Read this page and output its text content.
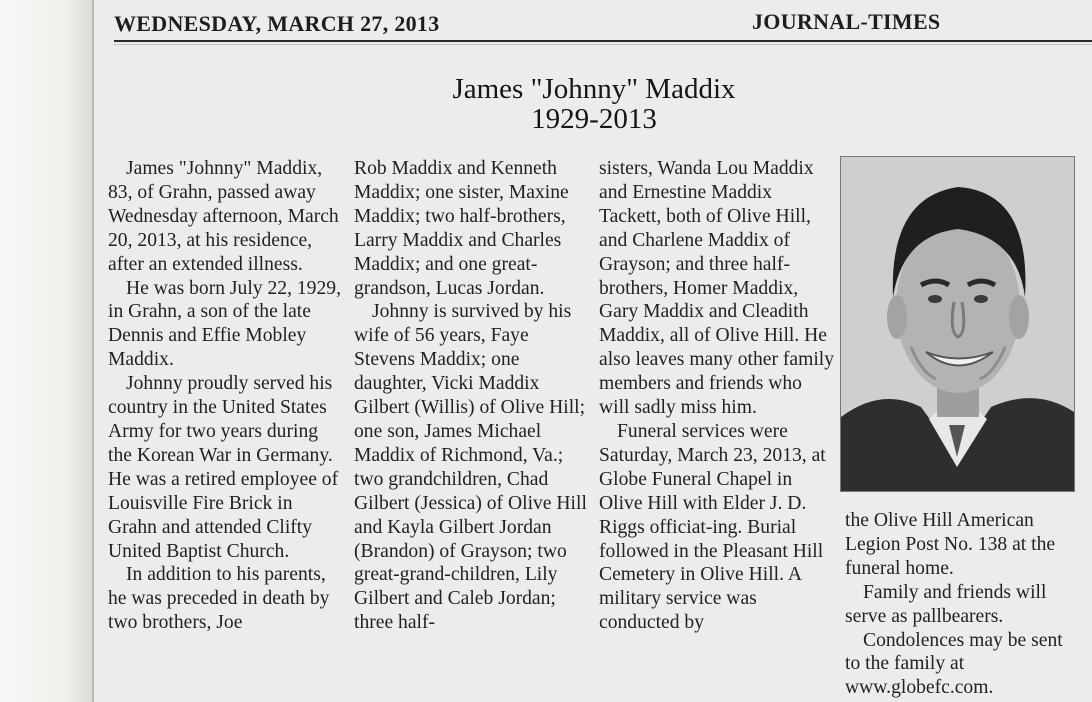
WEDNESDAY, MARCH 27, 2013	JOURNAL-TIMES
James "Johnny" Maddix
1929-2013

James "Johnny" Maddix, 83, of Grahn, passed away Wednesday afternoon, March 20, 2013, at his residence, after an extended illness.

He was born July 22, 1929, in Grahn, a son of the late Dennis and Effie Mobley Maddix.

Johnny proudly served his country in the United States Army for two years during the Korean War in Germany. He was a retired employee of Louisville Fire Brick in Grahn and attended Clifty United Baptist Church.

In addition to his parents, he was preceded in death by two brothers, Joe

Rob Maddix and Kenneth Maddix; one sister, Maxine Maddix; two half-brothers, Larry Maddix and Charles Maddix; and one great-grandson, Lucas Jordan.

Johnny is survived by his wife of 56 years, Faye Stevens Maddix; one daughter, Vicki Maddix Gilbert (Willis) of Olive Hill; one son, James Michael Maddix of Richmond, Va.; two grandchildren, Chad Gilbert (Jessica) of Olive Hill and Kayla Gilbert Jordan (Brandon) of Grayson; two great-grand-children, Lily Gilbert and Caleb Jordan; three half-

sisters, Wanda Lou Maddix and Ernestine Maddix Tackett, both of Olive Hill, and Charlene Maddix of Grayson; and three half-brothers, Homer Maddix, Gary Maddix and Cleadith Maddix, all of Olive Hill. He also leaves many other family members and friends who will sadly miss him.

Funeral services were Saturday, March 23, 2013, at Globe Funeral Chapel in Olive Hill with Elder J. D. Riggs officiat-ing. Burial followed in the Pleasant Hill Cemetery in Olive Hill. A military service was conducted by

the Olive Hill American Legion Post No. 138 at the funeral home.

Family and friends will serve as pallbearers.

Condolences may be sent to the family at www.globefc.com.
